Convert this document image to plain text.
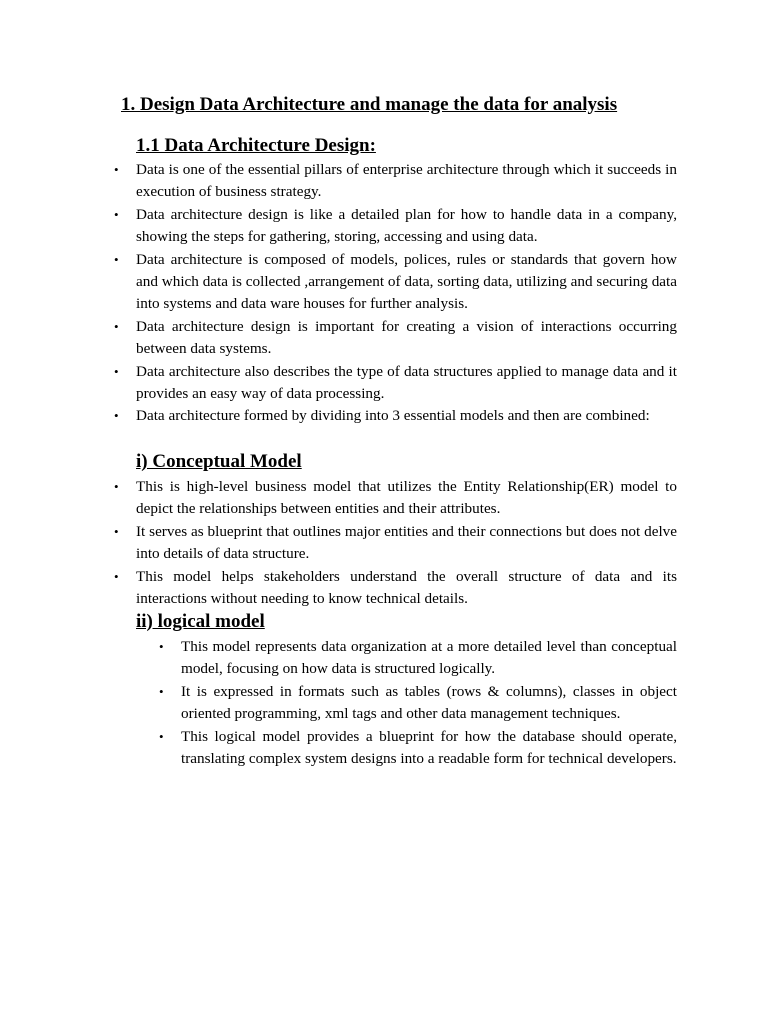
1. Design Data Architecture and manage the data for analysis
1.1 Data Architecture Design:
• Data is one of the essential pillars of enterprise architecture through which it succeeds in execution of business strategy.
• Data architecture design is like a detailed plan for how to handle data in a company, showing the steps for gathering, storing, accessing and using data.
• Data architecture is composed of models, polices, rules or standards that govern how and which data is collected ,arrangement of data, sorting data, utilizing and securing data into systems and data ware houses for further analysis.
• Data architecture design is important for creating a vision of interactions occurring between data systems.
• Data architecture also describes the type of data structures applied to manage data and it provides an easy way of data processing.
• Data architecture formed by dividing into 3 essential models and then are combined:
i) Conceptual Model
• This is high-level business model that utilizes the Entity Relationship(ER) model to depict the relationships between entities and their attributes.
• It serves as blueprint that outlines major entities and their connections but does not delve into details of data structure.
• This model helps stakeholders understand the overall structure of data and its interactions without needing to know technical details.
ii) logical model
• This model represents data organization at a more detailed level than conceptual model, focusing on how data is structured logically.
• It is expressed in formats such as tables (rows & columns), classes in object oriented programming, xml tags and other data management techniques.
• This logical model provides a blueprint for how the database should operate, translating complex system designs into a readable form for technical developers.
